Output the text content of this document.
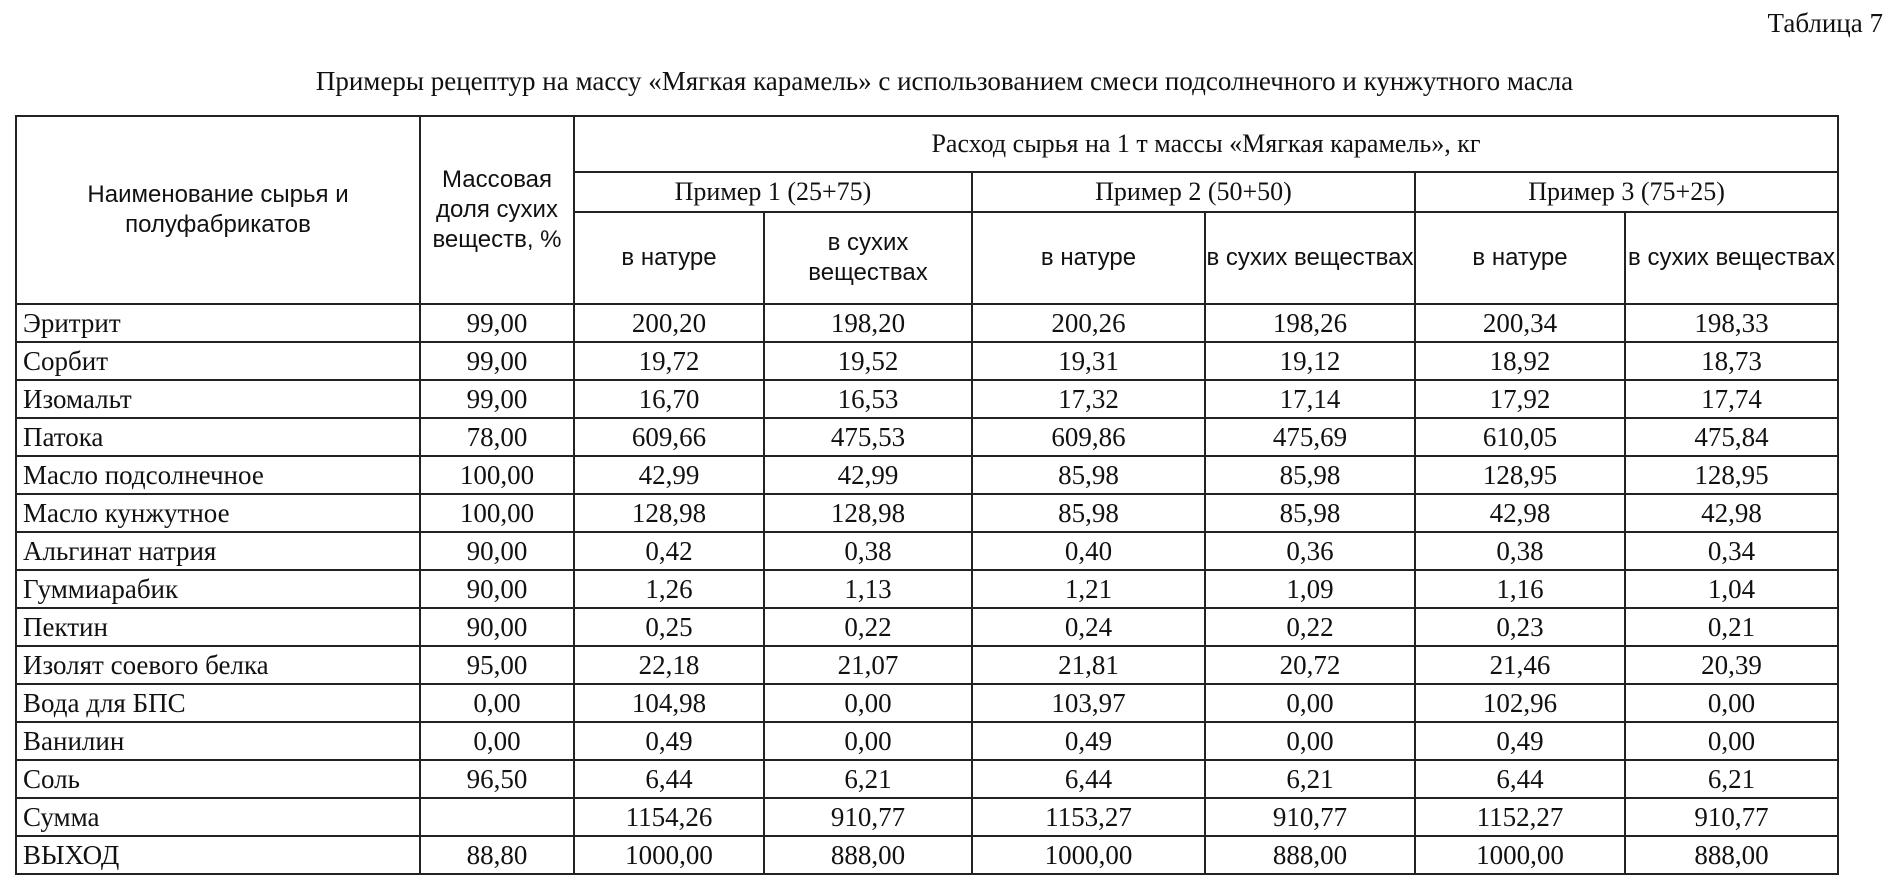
Таблица 7
Примеры рецептур на массу «Мягкая карамель» с использованием смеси подсолнечного и кунжутного масла
Наименование сырья и полуфабрикатов	Массовая доля сухих веществ, %	Расход сырья на 1 т массы «Мягкая карамель», кг					
		Пример 1 (25+75)		Пример 2 (50+50)		Пример 3 (75+25)	
		в натуре	в сухих веществах	в натуре	в сухих веществах	в натуре	в сухих веществах
Эритрит	99,00	200,20	198,20	200,26	198,26	200,34	198,33
Сорбит	99,00	19,72	19,52	19,31	19,12	18,92	18,73
Изомальт	99,00	16,70	16,53	17,32	17,14	17,92	17,74
Патока	78,00	609,66	475,53	609,86	475,69	610,05	475,84
Масло подсолнечное	100,00	42,99	42,99	85,98	85,98	128,95	128,95
Масло кунжутное	100,00	128,98	128,98	85,98	85,98	42,98	42,98
Альгинат натрия	90,00	0,42	0,38	0,40	0,36	0,38	0,34
Гуммиарабик	90,00	1,26	1,13	1,21	1,09	1,16	1,04
Пектин	90,00	0,25	0,22	0,24	0,22	0,23	0,21
Изолят соевого белка	95,00	22,18	21,07	21,81	20,72	21,46	20,39
Вода для БПС	0,00	104,98	0,00	103,97	0,00	102,96	0,00
Ванилин	0,00	0,49	0,00	0,49	0,00	0,49	0,00
Соль	96,50	6,44	6,21	6,44	6,21	6,44	6,21
Сумма		1154,26	910,77	1153,27	910,77	1152,27	910,77
ВЫХОД	88,80	1000,00	888,00	1000,00	888,00	1000,00	888,00
